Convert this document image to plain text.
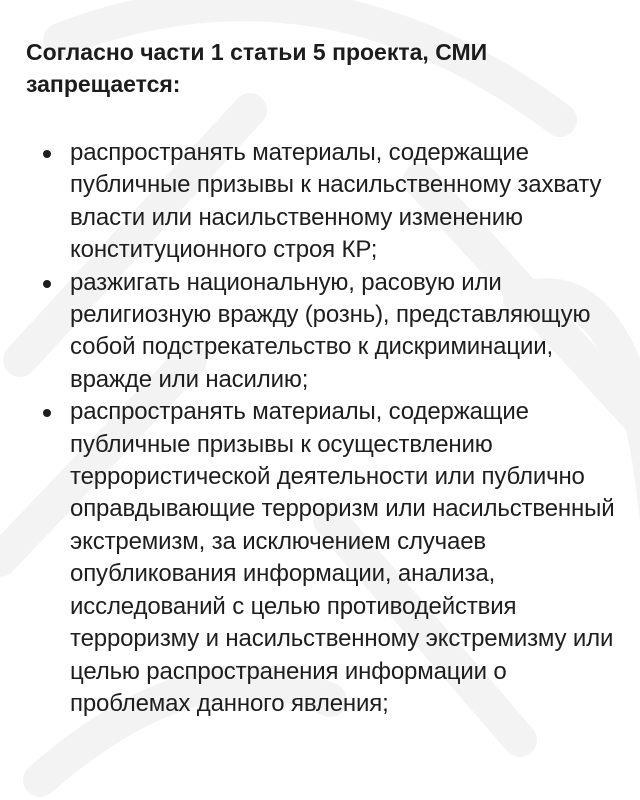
Согласно части 1 статьи 5 проекта, СМИ запрещается:
распространять материалы, содержащие публичные призывы к насильственному захвату власти или насильственному изменению конституционного строя КР;
разжигать национальную, расовую или религиозную вражду (рознь), представляющую собой подстрекательство к дискриминации, вражде или насилию;
распространять материалы, содержащие публичные призывы к осуществлению террористической деятельности или публично оправдывающие терроризм или насильственный экстремизм, за исключением случаев опубликования информации, анализа, исследований с целью противодействия терроризму и насильственному экстремизму или целью распространения информации о проблемах данного явления;
